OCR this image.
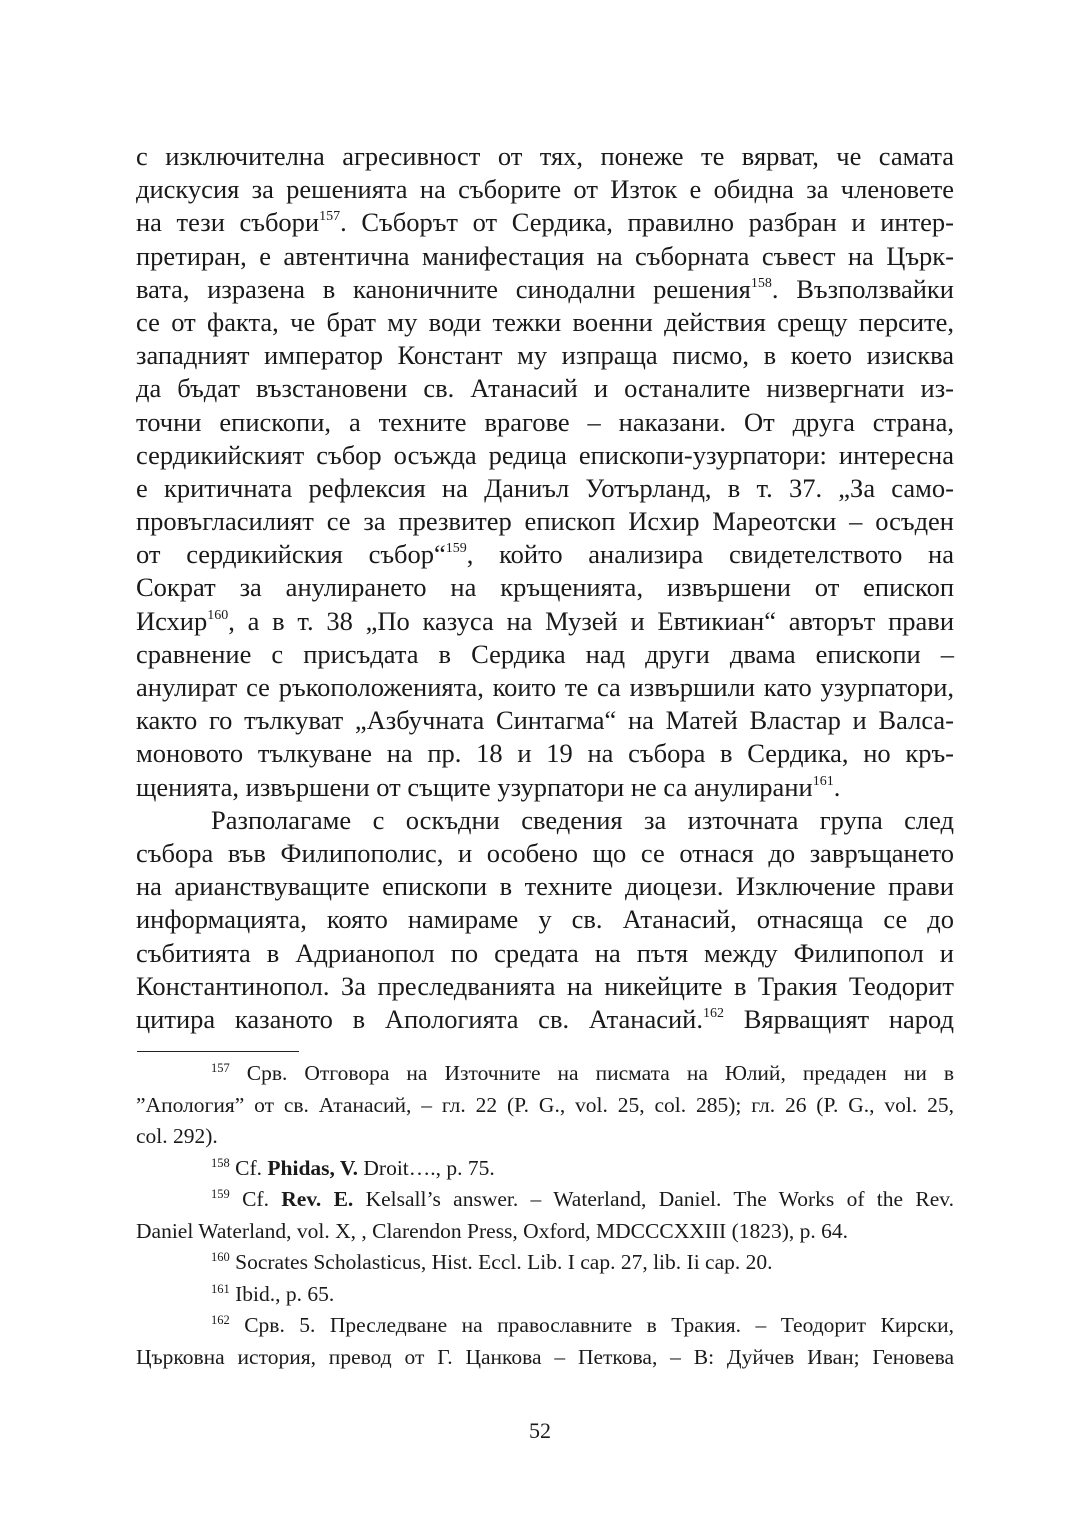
с изключителна агресивност от тях, понеже те вярват, че самата
дискусия за решенията на съборите от Изток е обидна за членовете
на тези събори$^{157}$. Съборът от Сердика, правилно разбран и интер-
претиран, е автентична манифестация на съборната съвест на Църк-
вата, изразена в каноничните синодални решения$^{158}$. Възползвайки
се от факта, че брат му води тежки военни действия срещу персите,
западният император Констант му изпраща писмо, в което изисква
да бъдат възстановени св. Атанасий и останалите низвергнати из-
точни епископи, а техните врагове – наказани. От друга страна,
сердикийският събор осъжда редица епископи-узурпатори: интересна
е критичната рефлексия на Даниъл Уотърланд, в т. 37. „За само-
провъгласилият се за презвитер епископ Исхир Мареотски – осъден
от сердикийския събор“$^{159}$, който анализира свидетелството на
Сократ за анулирането на кръщенията, извършени от епископ
Исхир$^{160}$, а в т. 38 „По казуса на Музей и Евтикиан“ авторът прави
сравнение с присъдата в Сердика над други двама епископи –
анулират се ръкоположенията, които те са извършили като узурпатори,
както го тълкуват „Азбучната Синтагма“ на Матей Властар и Валса-
моновото тълкуване на пр. 18 и 19 на събора в Сердика, но кръ-
щенията, извършени от същите узурпатори не са анулирани$^{161}$.
Разполагаме с оскъдни сведения за източната група след
събора във Филипополис, и особено що се отнася до завръщането
на арианствуващите епископи в техните диоцези. Изключение прави
информацията, която намираме у св. Атанасий, отнасяща се до
събитията в Адрианопол по средата на пътя между Филипопол и
Константинопол. За преследванията на никейците в Тракия Теодорит
цитира казаното в Апологията св. Атанасий.$^{162}$ Вярващият народ
$^{157}$ Срв. Отговора на Източните на писмата на Юлий, предаден ни в
”Апология” от св. Атанасий, – гл. 22 (P. G., vol. 25, col. 285); гл. 26 (P. G., vol. 25,
col. 292).
$^{158}$ Cf. Phidas, V. Droit…., p. 75.
$^{159}$ Cf. Rev. E. Kelsall’s answer. – Waterland, Daniel. The Works of the Rev.
Daniel Waterland, vol. X, , Clarendon Press, Oxford, MDCCCXXIII (1823), p. 64.
$^{160}$ Socrates Scholasticus, Hist. Eccl. Lib. I cap. 27, lib. Ii cap. 20.
$^{161}$ Ibid., p. 65.
$^{162}$ Срв. 5. Преследване на православните в Тракия. – Теодорит Кирски,
Църковна история, превод от Г. Цанкова – Петкова, – В: Дуйчев Иван; Геновева
52
